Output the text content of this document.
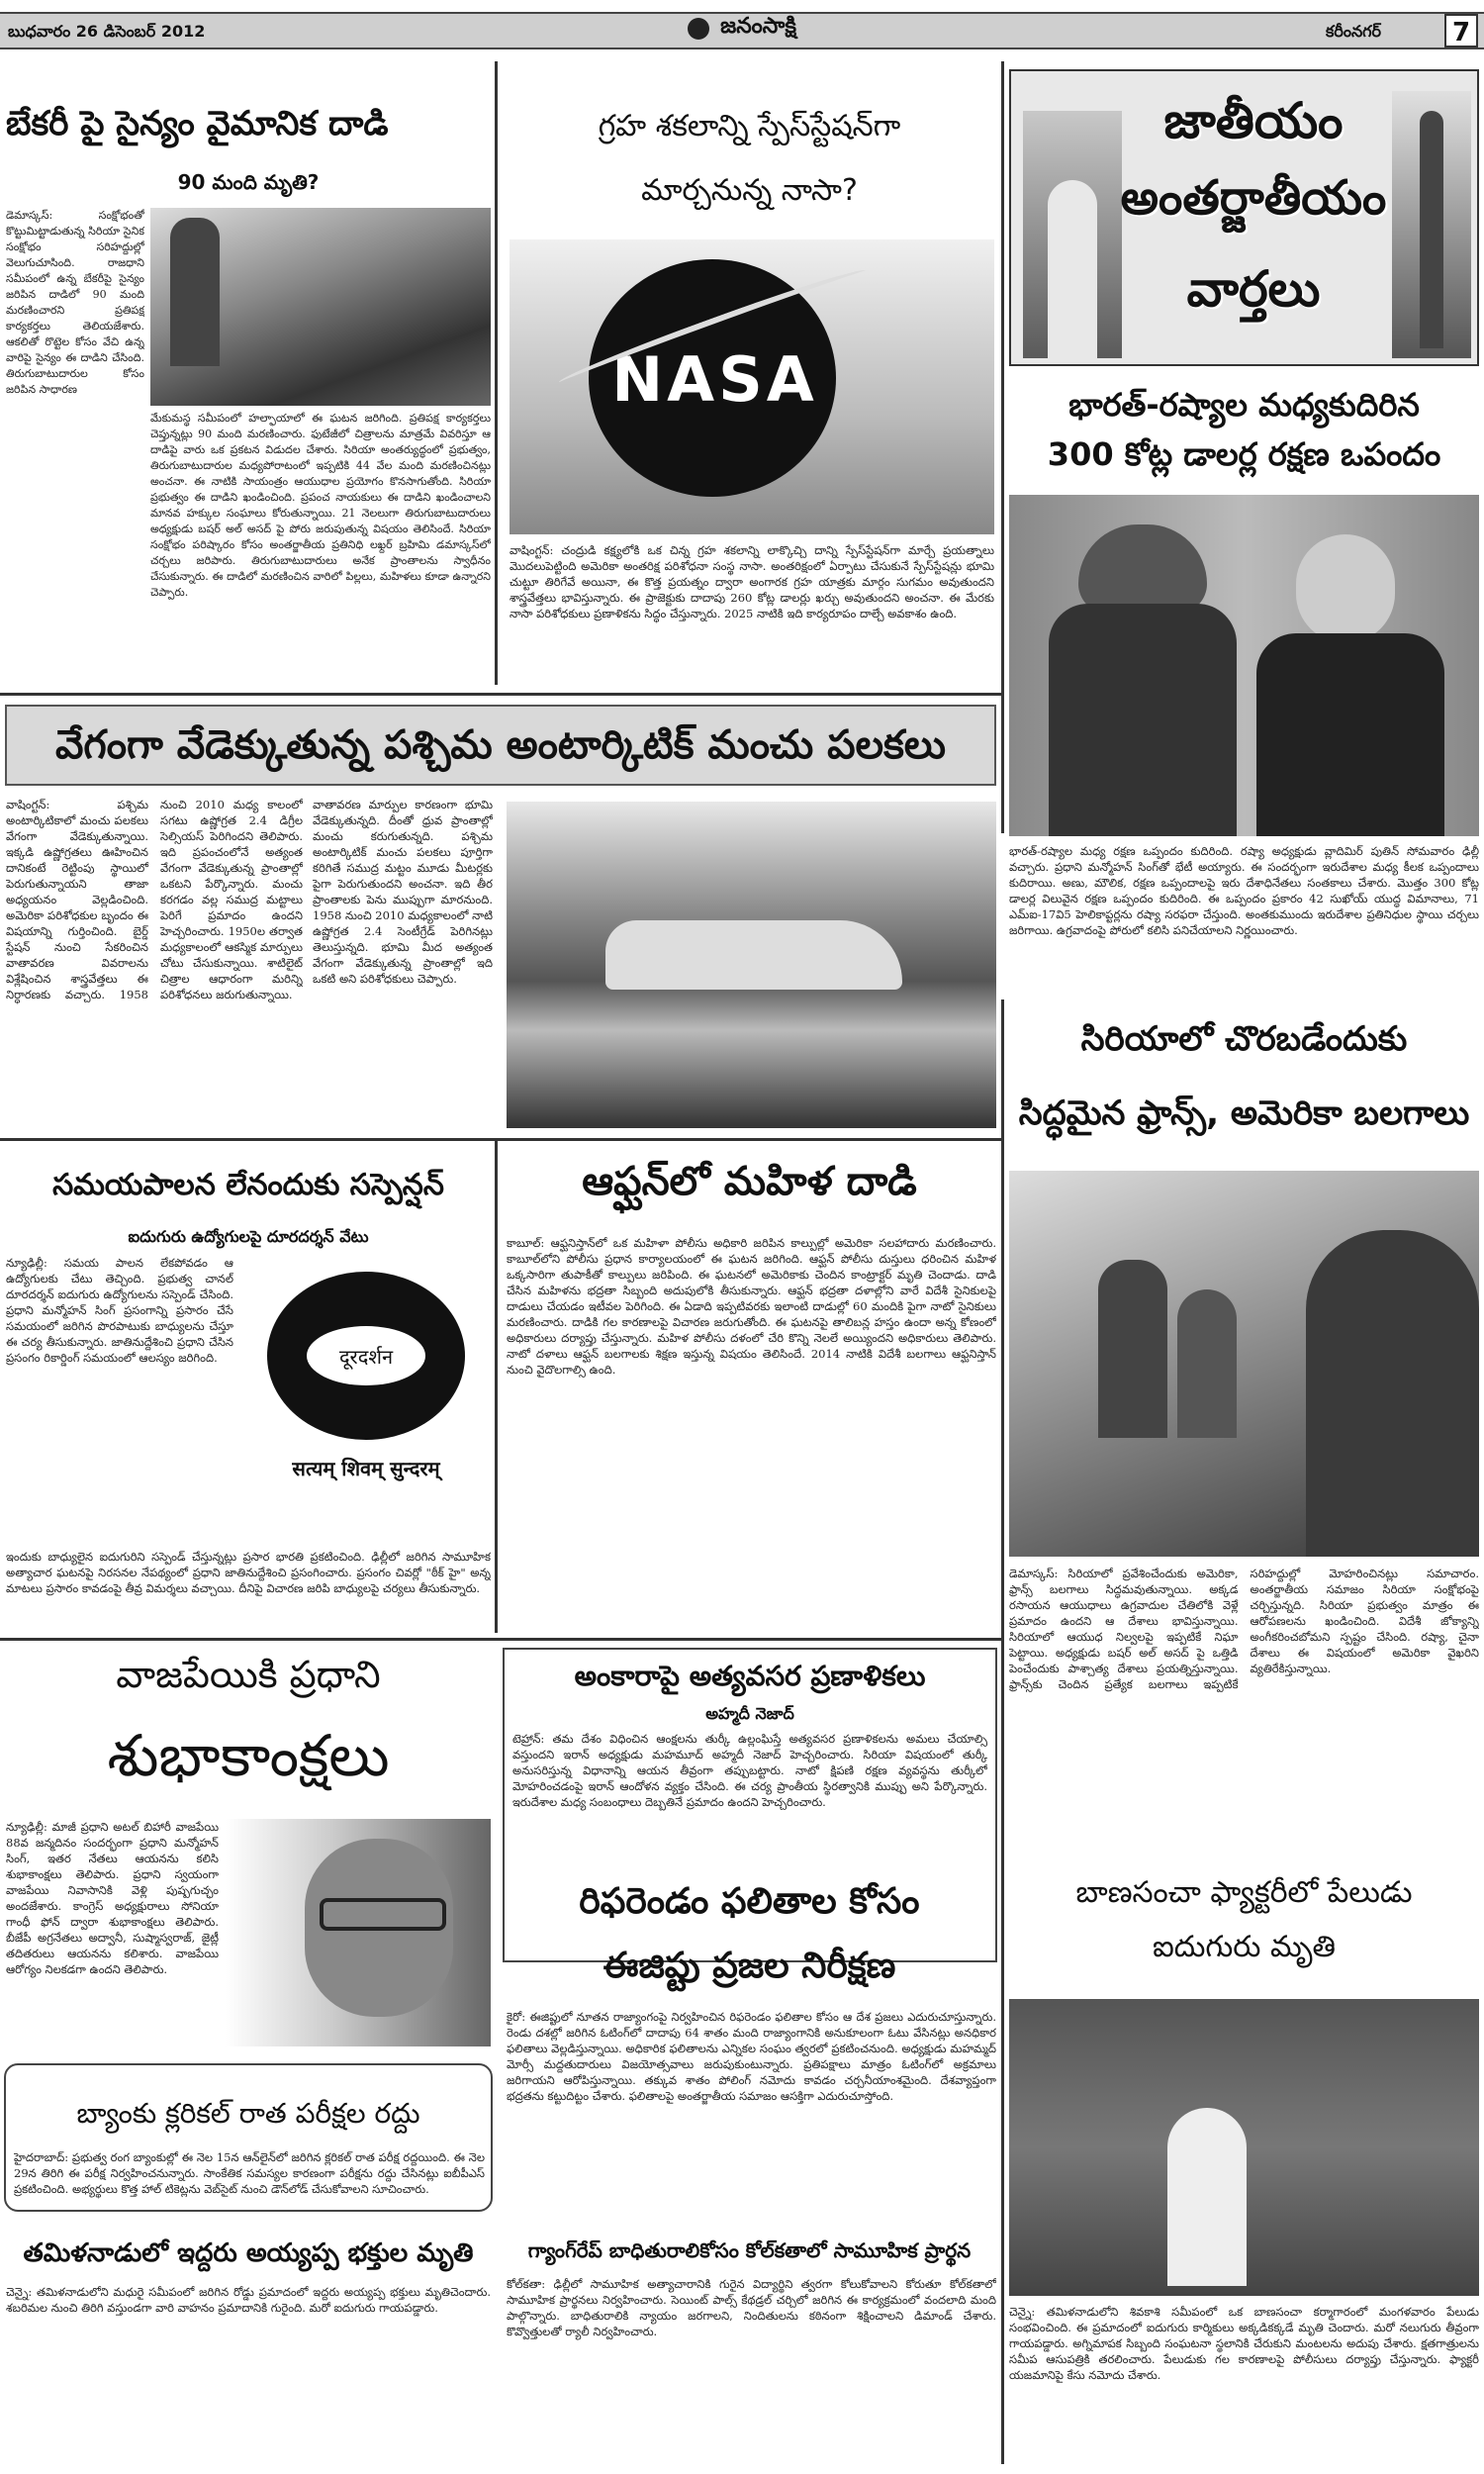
బుధవారం 26 డిసెంబర్ 2012	జనంసాక్షి	కరీంనగర్	7
జాతీయం
అంతర్జాతీయం
వార్తలు
బేకరీ పై సైన్యం వైమానిక దాడి
90 మంది మృతి?
డెమాస్కస్: సంక్షోభంతో కొట్టుమిట్టాడుతున్న సిరియా సైనిక సంక్షోభం సరిహద్దుల్లో వెలుగుచూసింది. రాజధాని సమీపంలో ఉన్న బేకరీపై సైన్యం జరిపిన దాడిలో 90 మంది మరణించారని ప్రతిపక్ష కార్యకర్తలు తెలియజేశారు. ఆకలితో రొట్టెల కోసం వేచి ఉన్న వారిపై సైన్యం ఈ దాడిని చేసింది. తిరుగుబాటుదారుల కోసం జరిపిన సాధారణ
మేకుమస్థ సమీపంలో హల్ఫాయాలో ఈ ఘటన జరిగింది. ప్రతిపక్ష కార్యకర్తలు చెప్తున్నట్లు 90 మంది మరణించారు. ఫుటేజీలో చిత్రాలను మాత్రమే వివరిస్తూ ఆ దాడిపై వారు ఒక ప్రకటన విడుదల చేశారు. సిరియా అంతర్యుద్ధంలో ప్రభుత్వం, తిరుగుబాటుదారుల మధ్యపోరాటంలో ఇప్పటికి 44 వేల మంది మరణించినట్లు అంచనా. ఈ నాటికి సాయంత్రం ఆయుధాల ప్రయోగం కొనసాగుతోంది. సిరియా ప్రభుత్వం ఈ దాడిని ఖండించింది. ప్రపంచ నాయకులు ఈ దాడిని ఖండించాలని మానవ హక్కుల సంఘాలు కోరుతున్నాయి. 21 నెలలుగా తిరుగుబాటుదారులు అధ్యక్షుడు బషర్ అల్ అసద్ పై పోరు జరుపుతున్న విషయం తెలిసిందే. సిరియా సంక్షోభం పరిష్కారం కోసం అంతర్జాతీయ ప్రతినిధి లఖ్దర్ బ్రహిమి డమాస్కస్‌లో చర్చలు జరిపారు. తిరుగుబాటుదారులు అనేక ప్రాంతాలను స్వాధీనం చేసుకున్నారు. ఈ దాడిలో మరణించిన వారిలో పిల్లలు, మహిళలు కూడా ఉన్నారని చెప్పారు.
గ్రహ శకలాన్ని స్పేస్‌స్టేషన్‌గా
మార్చనున్న నాసా?
NASA
వాషింగ్టన్: చంద్రుడి కక్ష్యలోకి ఒక చిన్న గ్రహ శకలాన్ని లాక్కొచ్చి దాన్ని స్పేస్‌స్టేషన్‌గా మార్చే ప్రయత్నాలు మొదలుపెట్టింది అమెరికా అంతరిక్ష పరిశోధనా సంస్థ నాసా. అంతరిక్షంలో ఏర్పాటు చేసుకునే స్పేస్‌స్టేషన్లు భూమి చుట్టూ తిరిగేవే అయినా, ఈ కొత్త ప్రయత్నం ద్వారా అంగారక గ్రహ యాత్రకు మార్గం సుగమం అవుతుందని శాస్త్రవేత్తలు భావిస్తున్నారు. ఈ ప్రాజెక్టుకు దాదాపు 260 కోట్ల డాలర్లు ఖర్చు అవుతుందని అంచనా. ఈ మేరకు నాసా పరిశోధకులు ప్రణాళికను సిద్ధం చేస్తున్నారు. 2025 నాటికి ఇది కార్యరూపం దాల్చే అవకాశం ఉంది.
భారత్-రష్యాల మధ్యకుదిరిన
300 కోట్ల డాలర్ల రక్షణ ఒపందం
వేగంగా వేడెక్కుతున్న పశ్చిమ అంటార్కిటిక్ మంచు పలకలు
వాషింగ్టన్: పశ్చిమ అంటార్కిటికాలో మంచు పలకలు వేగంగా వేడెక్కుతున్నాయి. ఇక్కడి ఉష్ణోగ్రతలు ఊహించిన దానికంటే రెట్టింపు స్థాయిలో పెరుగుతున్నాయని తాజా అధ్యయనం వెల్లడించింది. అమెరికా పరిశోధకుల బృందం ఈ విషయాన్ని గుర్తించింది. బైర్డ్ స్టేషన్ నుంచి సేకరించిన వాతావరణ వివరాలను విశ్లేషించిన శాస్త్రవేత్తలు ఈ నిర్ధారణకు వచ్చారు. 1958 నుంచి 2010 మధ్య కాలంలో సగటు ఉష్ణోగ్రత 2.4 డిగ్రీల సెల్సియస్ పెరిగిందని తెలిపారు. ఇది ప్రపంచంలోనే అత్యంత వేగంగా వేడెక్కుతున్న ప్రాంతాల్లో ఒకటని పేర్కొన్నారు. మంచు కరగడం వల్ల సముద్ర మట్టాలు పెరిగే ప్రమాదం ఉందని హెచ్చరించారు. 1950ల తర్వాత మధ్యకాలంలో ఆకస్మిక మార్పులు చోటు చేసుకున్నాయి. శాటిలైట్ చిత్రాల ఆధారంగా మరిన్ని పరిశోధనలు జరుగుతున్నాయి.
వాతావరణ మార్పుల కారణంగా భూమి వేడెక్కుతున్నది. దీంతో ధ్రువ ప్రాంతాల్లో మంచు కరుగుతున్నది. పశ్చిమ అంటార్కిటిక్ మంచు పలకలు పూర్తిగా కరిగితే సముద్ర మట్టం మూడు మీటర్లకు పైగా పెరుగుతుందని అంచనా. ఇది తీర ప్రాంతాలకు పెను ముప్పుగా మారనుంది. 1958 నుంచి 2010 మధ్యకాలంలో నాటి ఉష్ణోగ్రత 2.4 సెంటీగ్రేడ్ పెరిగినట్లు తెలుస్తున్నది. భూమి మీద అత్యంత వేగంగా వేడెక్కుతున్న ప్రాంతాల్లో ఇది ఒకటి అని పరిశోధకులు చెప్పారు.
భారత్-రష్యాల మధ్య రక్షణ ఒప్పందం కుదిరింది. రష్యా అధ్యక్షుడు వ్లాదిమిర్ పుతిన్ సోమవారం ఢిల్లీ వచ్చారు. ప్రధాని మన్మోహన్ సింగ్‌తో భేటీ అయ్యారు. ఈ సందర్భంగా ఇరుదేశాల మధ్య కీలక ఒప్పందాలు కుదిరాయి. అణు, మౌలిక, రక్షణ ఒప్పందాలపై ఇరు దేశాధినేతలు సంతకాలు చేశారు. మొత్తం 300 కోట్ల డాలర్ల విలువైన రక్షణ ఒప్పందం కుదిరింది. ఈ ఒప్పందం ప్రకారం 42 సుఖోయ్ యుద్ధ విమానాలు, 71 ఎమ్‌ఐ-17వి5 హెలికాప్టర్లను రష్యా సరఫరా చేస్తుంది. అంతకుముందు ఇరుదేశాల ప్రతినిధుల స్థాయి చర్చలు జరిగాయి. ఉగ్రవాదంపై పోరులో కలిసి పనిచేయాలని నిర్ణయించారు.
సిరియాలో చొరబడేందుకు
సిద్ధమైన ఫ్రాన్స్, అమెరికా బలగాలు
డెమాస్కస్: సిరియాలో ప్రవేశించేందుకు అమెరికా, ఫ్రాన్స్ బలగాలు సిద్ధమవుతున్నాయి. అక్కడ రసాయన ఆయుధాలు ఉగ్రవాదుల చేతిలోకి వెళ్లే ప్రమాదం ఉందని ఆ దేశాలు భావిస్తున్నాయి. సిరియాలో ఆయుధ నిల్వలపై ఇప్పటికే నిఘా పెట్టాయి. అధ్యక్షుడు బషర్ అల్ అసద్ పై ఒత్తిడి పెంచేందుకు పాశ్చాత్య దేశాలు ప్రయత్నిస్తున్నాయి. ఫ్రాన్స్‌కు చెందిన ప్రత్యేక బలగాలు ఇప్పటికే సరిహద్దుల్లో మోహరించినట్లు సమాచారం. అంతర్జాతీయ సమాజం సిరియా సంక్షోభంపై చర్చిస్తున్నది. సిరియా ప్రభుత్వం మాత్రం ఈ ఆరోపణలను ఖండించింది. విదేశీ జోక్యాన్ని అంగీకరించబోమని స్పష్టం చేసింది. రష్యా, చైనా దేశాలు ఈ విషయంలో అమెరికా వైఖరిని వ్యతిరేకిస్తున్నాయి.
సమయపాలన లేనందుకు సస్పెన్షన్
ఐదుగురు ఉద్యోగులపై దూరదర్శన్ వేటు
న్యూఢిల్లీ: సమయ పాలన లేకపోవడం ఆ ఉద్యోగులకు చేటు తెచ్చింది. ప్రభుత్వ చానల్ దూరదర్శన్ ఐదుగురు ఉద్యోగులను సస్పెండ్ చేసింది. ప్రధాని మన్మోహన్ సింగ్ ప్రసంగాన్ని ప్రసారం చేసే సమయంలో జరిగిన పొరపాటుకు బాధ్యులను చేస్తూ ఈ చర్య తీసుకున్నారు. జాతినుద్దేశించి ప్రధాని చేసిన ప్రసంగం రికార్డింగ్ సమయంలో ఆలస్యం జరిగింది.	दूरदर्शन
सत्यम् शिवम् सुन्दरम्
ఇందుకు బాధ్యులైన ఐదుగురిని సస్పెండ్ చేస్తున్నట్లు ప్రసార భారతి ప్రకటించింది. ఢిల్లీలో జరిగిన సామూహిక అత్యాచార ఘటనపై నిరసనల నేపథ్యంలో ప్రధాని జాతినుద్దేశించి ప్రసంగించారు. ప్రసంగం చివర్లో "ఠీక్ హై" అన్న మాటలు ప్రసారం కావడంపై తీవ్ర విమర్శలు వచ్చాయి. దీనిపై విచారణ జరిపి బాధ్యులపై చర్యలు తీసుకున్నారు.
ఆఫ్ఘన్‌లో మహిళ దాడి
కాబూల్: ఆఫ్ఘనిస్తాన్‌లో ఒక మహిళా పోలీసు అధికారి జరిపిన కాల్పుల్లో అమెరికా సలహాదారు మరణించారు. కాబూల్‌లోని పోలీసు ప్రధాన కార్యాలయంలో ఈ ఘటన జరిగింది. ఆఫ్ఘన్ పోలీసు దుస్తులు ధరించిన మహిళ ఒక్కసారిగా తుపాకీతో కాల్పులు జరిపింది. ఈ ఘటనలో అమెరికాకు చెందిన కాంట్రాక్టర్ మృతి చెందాడు. దాడి చేసిన మహిళను భద్రతా సిబ్బంది అదుపులోకి తీసుకున్నారు. ఆఫ్ఘన్ భద్రతా దళాల్లోని వారే విదేశీ సైనికులపై దాడులు చేయడం ఇటీవల పెరిగింది. ఈ ఏడాది ఇప్పటివరకు ఇలాంటి దాడుల్లో 60 మందికి పైగా నాటో సైనికులు మరణించారు. దాడికి గల కారణాలపై విచారణ జరుగుతోంది. ఈ ఘటనపై తాలిబన్ల హస్తం ఉందా అన్న కోణంలో అధికారులు దర్యాప్తు చేస్తున్నారు. మహిళ పోలీసు దళంలో చేరి కొన్ని నెలలే అయ్యిందని అధికారులు తెలిపారు. నాటో దళాలు ఆఫ్ఘన్ బలగాలకు శిక్షణ ఇస్తున్న విషయం తెలిసిందే. 2014 నాటికి విదేశీ బలగాలు ఆఫ్ఘనిస్తాన్ నుంచి వైదొలగాల్సి ఉంది.
వాజపేయికి ప్రధాని
శుభాకాంక్షలు
న్యూఢిల్లీ: మాజీ ప్రధాని అటల్ బిహారీ వాజపేయి 88వ జన్మదినం సందర్భంగా ప్రధాని మన్మోహన్ సింగ్, ఇతర నేతలు ఆయనను కలిసి శుభాకాంక్షలు తెలిపారు. ప్రధాని స్వయంగా వాజపేయి నివాసానికి వెళ్లి పుష్పగుచ్ఛం అందజేశారు. కాంగ్రెస్ అధ్యక్షురాలు సోనియా గాంధీ ఫోన్ ద్వారా శుభాకాంక్షలు తెలిపారు. బీజేపీ అగ్రనేతలు అద్వానీ, సుష్మాస్వరాజ్, జైట్లీ తదితరులు ఆయనను కలిశారు. వాజపేయి ఆరోగ్యం నిలకడగా ఉందని తెలిపారు.
బ్యాంకు క్లరికల్ రాత పరీక్షల రద్దు
హైదరాబాద్: ప్రభుత్వ రంగ బ్యాంకుల్లో ఈ నెల 15న ఆన్‌లైన్‌లో జరిగిన క్లరికల్ రాత పరీక్ష రద్దయింది. ఈ నెల 29న తిరిగి ఈ పరీక్ష నిర్వహించనున్నారు. సాంకేతిక సమస్యల కారణంగా పరీక్షను రద్దు చేసినట్లు ఐబీపీఎస్ ప్రకటించింది. అభ్యర్థులు కొత్త హాల్ టికెట్లను వెబ్‌సైట్ నుంచి డౌన్‌లోడ్ చేసుకోవాలని సూచించారు.
తమిళనాడులో ఇద్దరు అయ్యప్ప భక్తుల మృతి
చెన్నై: తమిళనాడులోని మధురై సమీపంలో జరిగిన రోడ్డు ప్రమాదంలో ఇద్దరు అయ్యప్ప భక్తులు మృతిచెందారు. శబరిమల నుంచి తిరిగి వస్తుండగా వారి వాహనం ప్రమాదానికి గురైంది. మరో ఐదుగురు గాయపడ్డారు.
అంకారాపై అత్యవసర ప్రణాళికలు
అహ్మదీ నెజాద్
టెహ్రాన్: తమ దేశం విధించిన ఆంక్షలను తుర్కీ ఉల్లంఘిస్తే అత్యవసర ప్రణాళికలను అమలు చేయాల్సి వస్తుందని ఇరాన్ అధ్యక్షుడు మహమూద్ అహ్మదీ నెజాద్ హెచ్చరించారు. సిరియా విషయంలో తుర్కీ అనుసరిస్తున్న విధానాన్ని ఆయన తీవ్రంగా తప్పుబట్టారు. నాటో క్షిపణి రక్షణ వ్యవస్థను తుర్కీలో మోహరించడంపై ఇరాన్ ఆందోళన వ్యక్తం చేసింది. ఈ చర్య ప్రాంతీయ స్థిరత్వానికి ముప్పు అని పేర్కొన్నారు. ఇరుదేశాల మధ్య సంబంధాలు దెబ్బతినే ప్రమాదం ఉందని హెచ్చరించారు.
రిఫరెండం ఫలితాల కోసం
ఈజిప్టు ప్రజల నిరీక్షణ
కైరో: ఈజిప్టులో నూతన రాజ్యాంగంపై నిర్వహించిన రిఫరెండం ఫలితాల కోసం ఆ దేశ ప్రజలు ఎదురుచూస్తున్నారు. రెండు దశల్లో జరిగిన ఓటింగ్‌లో దాదాపు 64 శాతం మంది రాజ్యాంగానికి అనుకూలంగా ఓటు వేసినట్లు అనధికార ఫలితాలు వెల్లడిస్తున్నాయి. అధికారిక ఫలితాలను ఎన్నికల సంఘం త్వరలో ప్రకటించనుంది. అధ్యక్షుడు మహమ్మద్ మోర్సీ మద్దతుదారులు విజయోత్సవాలు జరుపుకుంటున్నారు. ప్రతిపక్షాలు మాత్రం ఓటింగ్‌లో అక్రమాలు జరిగాయని ఆరోపిస్తున్నాయి. తక్కువ శాతం పోలింగ్ నమోదు కావడం చర్చనీయాంశమైంది. దేశవ్యాప్తంగా భద్రతను కట్టుదిట్టం చేశారు. ఫలితాలపై అంతర్జాతీయ సమాజం ఆసక్తిగా ఎదురుచూస్తోంది.
గ్యాంగ్‌రేప్ బాధితురాలికోసం కోల్‌కతాలో సామూహిక ప్రార్థన
కోల్‌కతా: ఢిల్లీలో సామూహిక అత్యాచారానికి గురైన విద్యార్థిని త్వరగా కోలుకోవాలని కోరుతూ కోల్‌కతాలో సామూహిక ప్రార్థనలు నిర్వహించారు. సెయింట్ పాల్స్ కేథడ్రల్ చర్చిలో జరిగిన ఈ కార్యక్రమంలో వందలాది మంది పాల్గొన్నారు. బాధితురాలికి న్యాయం జరగాలని, నిందితులను కఠినంగా శిక్షించాలని డిమాండ్ చేశారు. కొవ్వొత్తులతో ర్యాలీ నిర్వహించారు.
బాణసంచా ఫ్యాక్టరీలో పేలుడు
ఐదుగురు మృతి
చెన్నై: తమిళనాడులోని శివకాశి సమీపంలో ఒక బాణసంచా కర్మాగారంలో మంగళవారం పేలుడు సంభవించింది. ఈ ప్రమాదంలో ఐదుగురు కార్మికులు అక్కడికక్కడే మృతి చెందారు. మరో నలుగురు తీవ్రంగా గాయపడ్డారు. అగ్నిమాపక సిబ్బంది సంఘటనా స్థలానికి చేరుకుని మంటలను అదుపు చేశారు. క్షతగాత్రులను సమీప ఆసుపత్రికి తరలించారు. పేలుడుకు గల కారణాలపై పోలీసులు దర్యాప్తు చేస్తున్నారు. ఫ్యాక్టరీ యజమానిపై కేసు నమోదు చేశారు.
